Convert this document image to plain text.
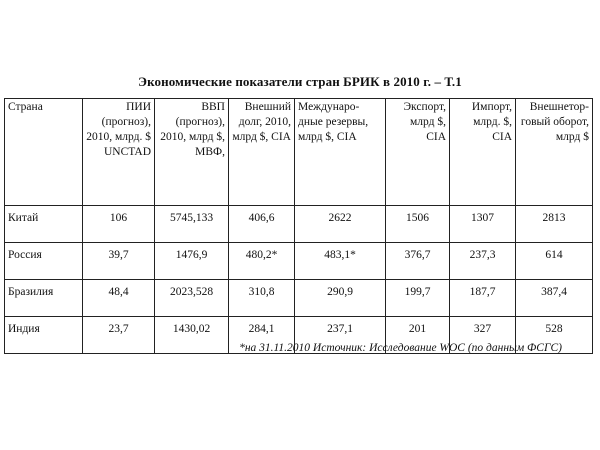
Экономические показатели стран БРИК в 2010 г. – Т.1
Страна	ПИИ (прогноз), 2010, млрд. $ UNCTAD	ВВП (прогноз), 2010, млрд $, МВФ,	Внешний долг, 2010, млрд $, CIA	Междунаро-дные резервы, млрд $, CIA	Экспорт, млрд $, CIA	Импорт, млрд. $, CIA	Внешнетор-говый оборот, млрд $
Китай	106	5745,133	406,6	2622	1506	1307	2813
Россия	39,7	1476,9	480,2*	483,1*	376,7	237,3	614
Бразилия	48,4	2023,528	310,8	290,9	199,7	187,7	387,4
Индия	23,7	1430,02	284,1	237,1	201	327	528
*на 31.11.2010 Источник: Исследование WOC (по данным ФСГС)
